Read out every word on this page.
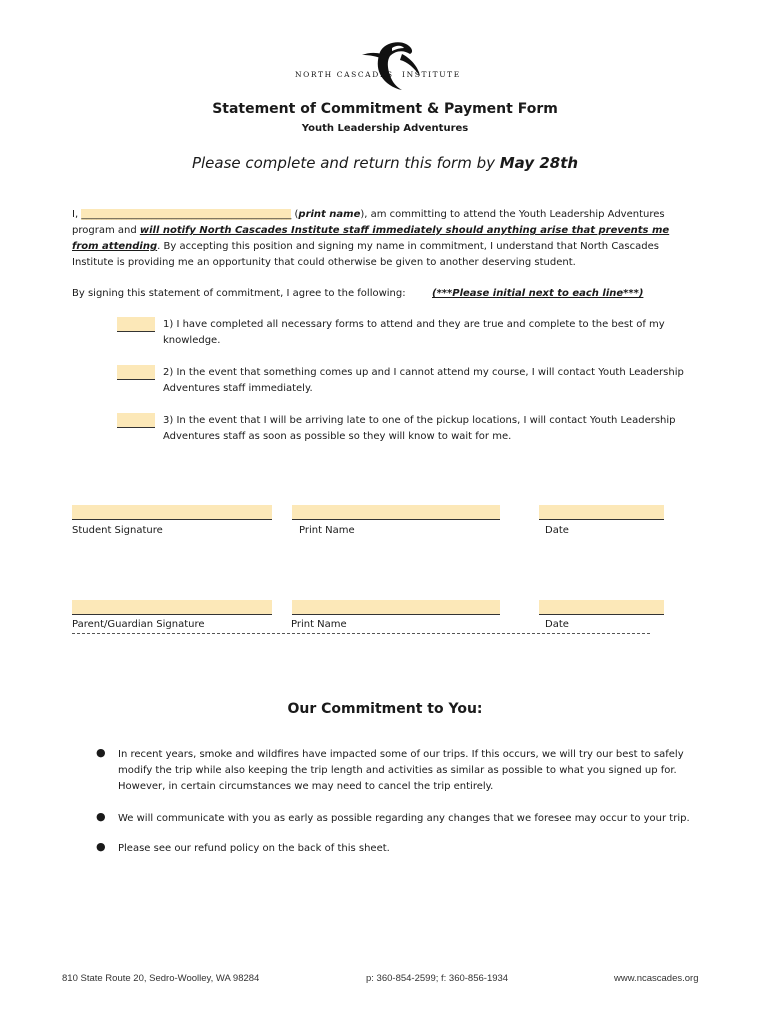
NORTH CASCADES INSTITUTE
Statement of Commitment & Payment Form
Youth Leadership Adventures
Please complete and return this form by May 28th
I, __________________________________________ (print name), am committing to attend the Youth Leadership Adventures program and will notify North Cascades Institute staff immediately should anything arise that prevents me from attending. By accepting this position and signing my name in commitment, I understand that North Cascades Institute is providing me an opportunity that could otherwise be given to another deserving student.
By signing this statement of commitment, I agree to the following:	(***Please initial next to each line***)
1) I have completed all necessary forms to attend and they are true and complete to the best of my knowledge.
2) In the event that something comes up and I cannot attend my course, I will contact Youth Leadership Adventures staff immediately.
3) In the event that I will be arriving late to one of the pickup locations, I will contact Youth Leadership Adventures staff as soon as possible so they will know to wait for me.
Student Signature	Print Name	Date
Parent/Guardian Signature	Print Name	Date
Our Commitment to You:
● In recent years, smoke and wildfires have impacted some of our trips. If this occurs, we will try our best to safely modify the trip while also keeping the trip length and activities as similar as possible to what you signed up for. However, in certain circumstances we may need to cancel the trip entirely.
● We will communicate with you as early as possible regarding any changes that we foresee may occur to your trip.
● Please see our refund policy on the back of this sheet.
810 State Route 20, Sedro-Woolley, WA 98284	p: 360-854-2599; f: 360-856-1934	www.ncascades.org
